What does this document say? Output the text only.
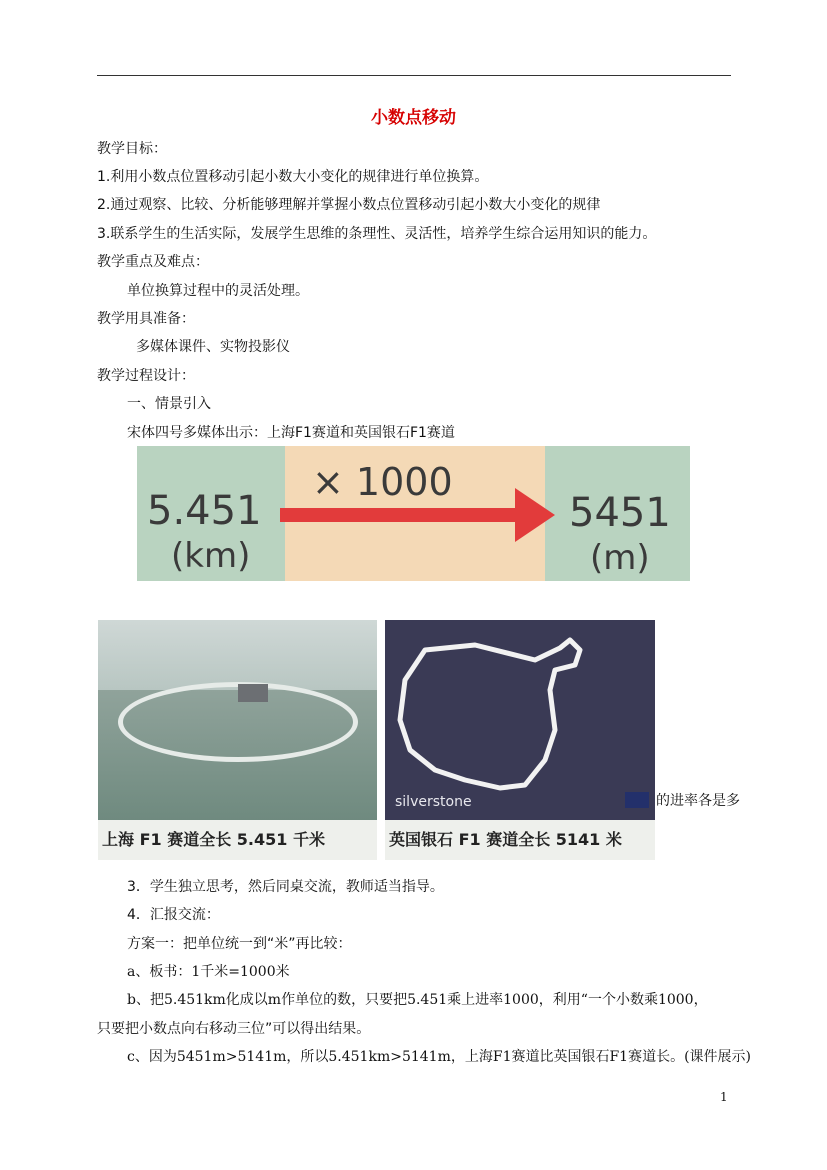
小数点移动
教学目标：
1.利用小数点位置移动引起小数大小变化的规律进行单位换算。
2.通过观察、比较、分析能够理解并掌握小数点位置移动引起小数大小变化的规律
3.联系学生的生活实际，发展学生思维的条理性、灵活性，培养学生综合运用知识的能力。
教学重点及难点：
单位换算过程中的灵活处理。
教学用具准备：
多媒体课件、实物投影仪
教学过程设计：
一、情景引入
宋体四号多媒体出示：上海F1赛道和英国银石F1赛道
5.451
(km)
× 1000
5451
(m)
上海 F1 赛道全长 5.451 千米
silverstone
英国银石 F1 赛道全长 5141 米
的进率各是多
3．学生独立思考，然后同桌交流，教师适当指导。
4．汇报交流：
方案一：把单位统一到“米”再比较：
a、板书：1千米=1000米
b、把5.451km化成以m作单位的数，只要把5.451乘上进率1000，利用“一个小数乘1000，
只要把小数点向右移动三位”可以得出结果。
c、因为5451m>5141m，所以5.451km>5141m，上海F1赛道比英国银石F1赛道长。(课件展示)
1
